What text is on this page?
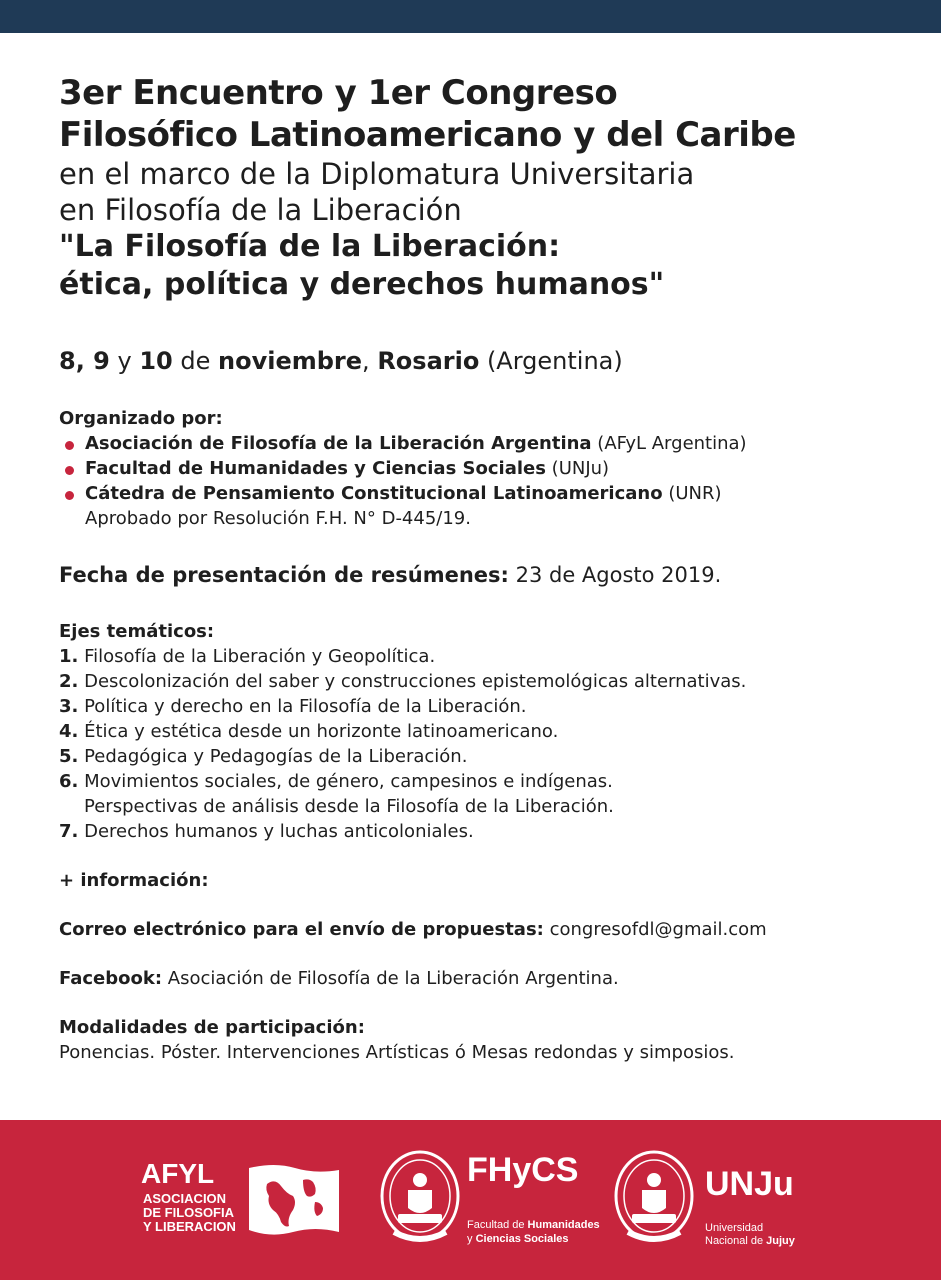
3er Encuentro y 1er Congreso
Filosófico Latinoamericano y del Caribe
en el marco de la Diplomatura Universitaria
en Filosofía de la Liberación
"La Filosofía de la Liberación:
ética, política y derechos humanos"
8, 9 y 10 de noviembre, Rosario (Argentina)
Organizado por:
Asociación de Filosofía de la Liberación Argentina (AFyL Argentina)
Facultad de Humanidades y Ciencias Sociales (UNJu)
Cátedra de Pensamiento Constitucional Latinoamericano (UNR)
Aprobado por Resolución F.H. N° D-445/19.
Fecha de presentación de resúmenes: 23 de Agosto 2019.
Ejes temáticos:
1. Filosofía de la Liberación y Geopolítica.
2. Descolonización del saber y construcciones epistemológicas alternativas.
3. Política y derecho en la Filosofía de la Liberación.
4. Ética y estética desde un horizonte latinoamericano.
5. Pedagógica y Pedagogías de la Liberación.
6. Movimientos sociales, de género, campesinos e indígenas.
Perspectivas de análisis desde la Filosofía de la Liberación.
7. Derechos humanos y luchas anticoloniales.
+ información:
Correo electrónico para el envío de propuestas: congresofdl@gmail.com
Facebook: Asociación de Filosofía de la Liberación Argentina.
Modalidades de participación:
Ponencias. Póster. Intervenciones Artísticas ó Mesas redondas y simposios.
AFYL
ASOCIACION
DE FILOSOFIA
Y LIBERACION
FHyCS
Facultad de Humanidades
y Ciencias Sociales
UNJu
Universidad
Nacional de Jujuy
